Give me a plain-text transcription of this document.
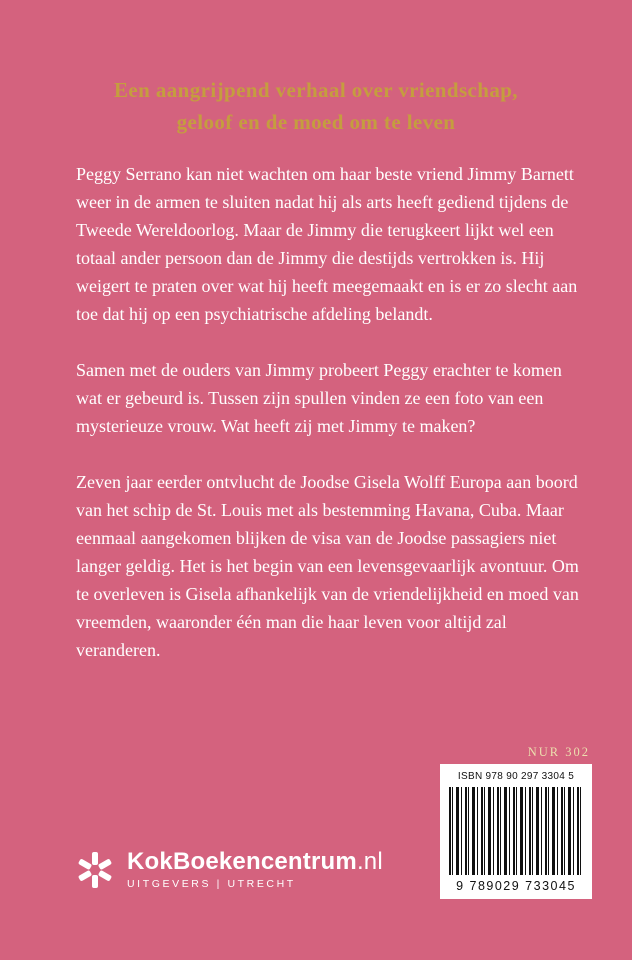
Een aangrijpend verhaal over vriendschap,
geloof en de moed om te leven

Peggy Serrano kan niet wachten om haar beste vriend Jimmy Barnett weer in de armen te sluiten nadat hij als arts heeft gediend tijdens de Tweede Wereldoorlog. Maar de Jimmy die terugkeert lijkt wel een totaal ander persoon dan de Jimmy die destijds vertrokken is. Hij weigert te praten over wat hij heeft meegemaakt en is er zo slecht aan toe dat hij op een psychiatrische afdeling belandt.

Samen met de ouders van Jimmy probeert Peggy erachter te komen wat er gebeurd is. Tussen zijn spullen vinden ze een foto van een mysterieuze vrouw. Wat heeft zij met Jimmy te maken?

Zeven jaar eerder ontvlucht de Joodse Gisela Wolff Europa aan boord van het schip de St. Louis met als bestemming Havana, Cuba. Maar eenmaal aangekomen blijken de visa van de Joodse passagiers niet langer geldig. Het is het begin van een levensgevaarlijk avontuur. Om te overleven is Gisela afhankelijk van de vriendelijkheid en moed van vreemden, waaronder één man die haar leven voor altijd zal veranderen.

NUR 302
ISBN 978 90 297 3304 5
9 789029 733045
KokBoekencentrum.nl
UITGEVERS | UTRECHT
